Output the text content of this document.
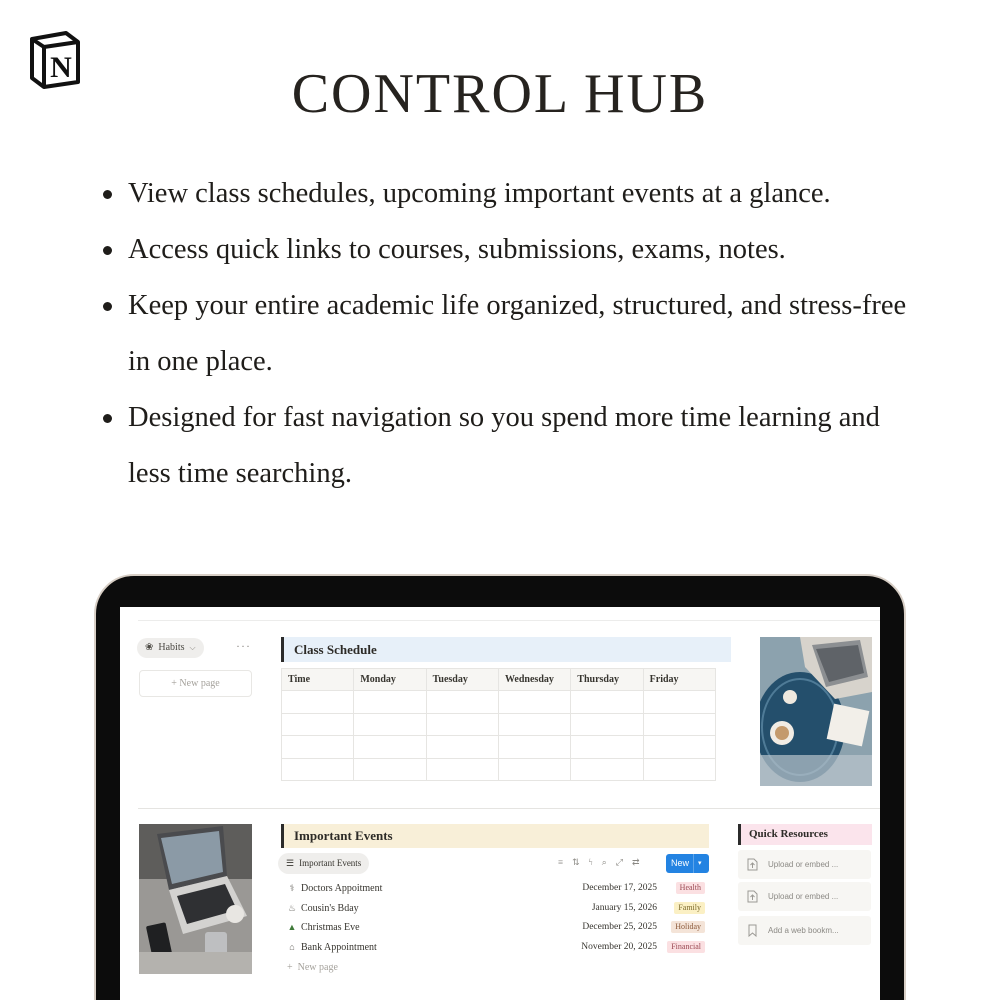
N	CONTROL HUB
View class schedules, upcoming important events at a glance.
Access quick links to courses, submissions, exams, notes.
Keep your entire academic life organized, structured, and stress-free in one place.
Designed for fast navigation so you spend more time learning and less time searching.
❀ Habits ⌵	···
+ New page
Class Schedule
Time	Monday	Tuesday	Wednesday	Thursday	Friday

Important Events
☰ Important Events	≡ ⇅ ϟ ⌕ ⤢ ⇄	New ▾
⚕ Doctors Appoitment	December 17, 2025	Health
♨ Cousin's Bday	January 15, 2026	Family
▲ Christmas Eve	December 25, 2025	Holiday
⌂ Bank Appointment	November 20, 2025	Financial
+  New page
Quick Resources
Upload or embed ...
Upload or embed ...
Add a web bookm...
